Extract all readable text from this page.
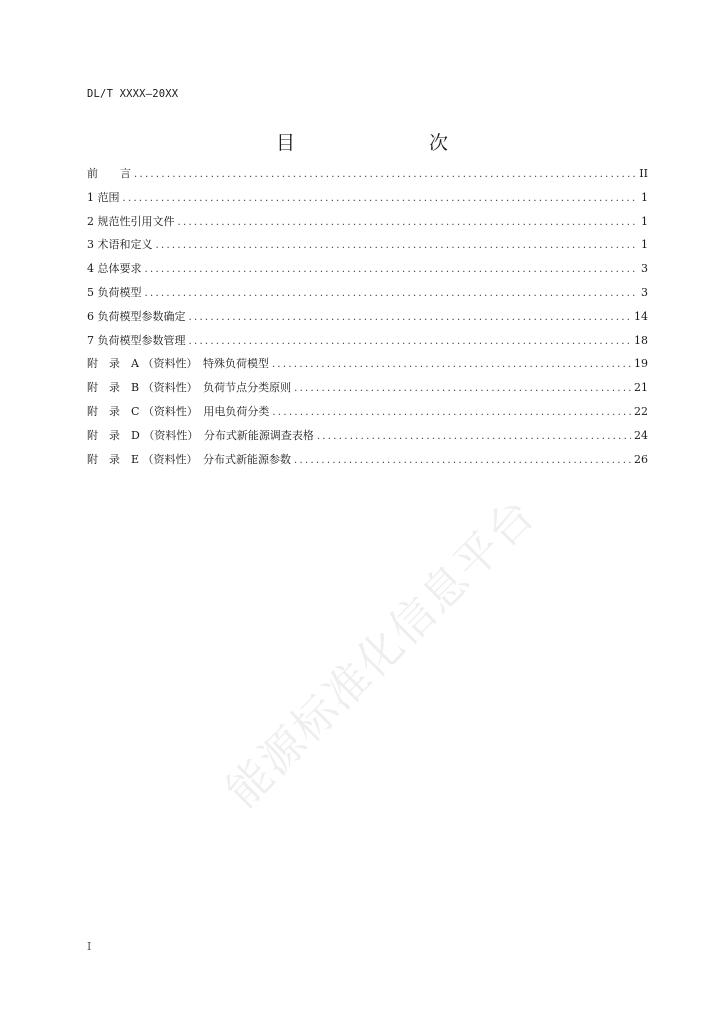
DL/T XXXX—20XX
目　　次
前　　言 .....	II
1 范围 .....	1
2 规范性引用文件 .....	1
3 术语和定义 .....	1
4 总体要求 .....	3
5 负荷模型 .....	3
6 负荷模型参数确定 .....	14
7 负荷模型参数管理 .....	18
附　录　A （资料性）　特殊负荷模型 .....	19
附　录　B （资料性）　负荷节点分类原则 .....	21
附　录　C （资料性）　用电负荷分类 .....	22
附　录　D （资料性）　分布式新能源调查表格 .....	24
附　录　E （资料性）　分布式新能源参数 .....	26
能源标准化信息平台
I
